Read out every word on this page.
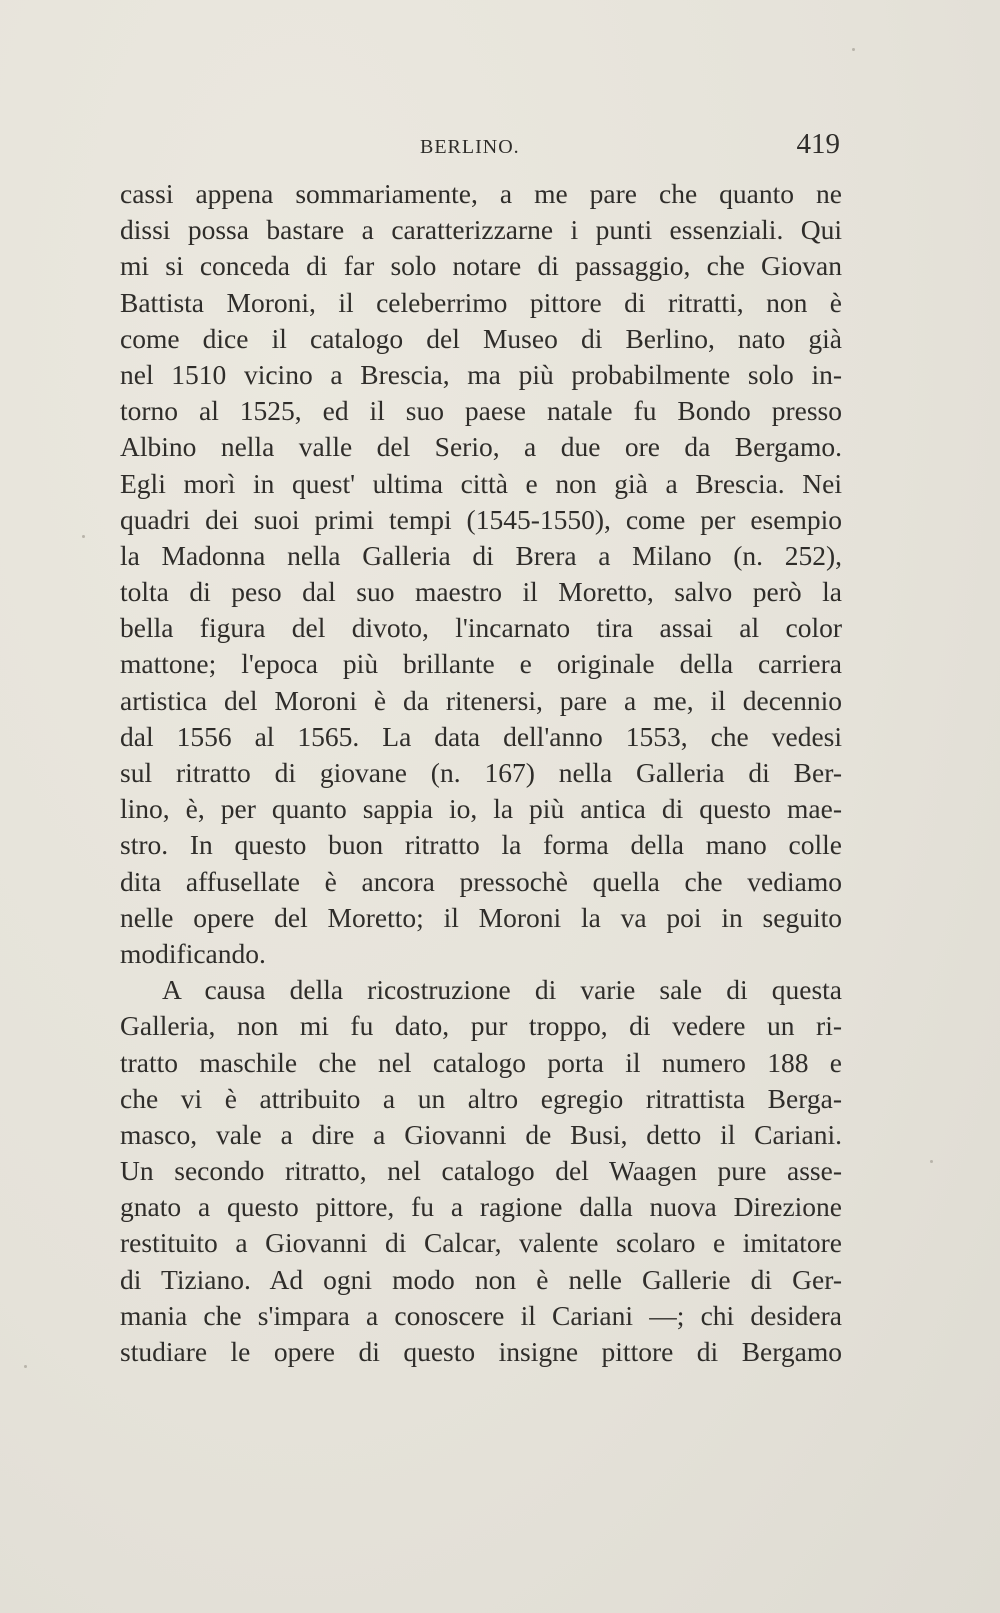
BERLINO.	419
cassi appena sommariamente, a me pare che quanto ne
dissi possa bastare a caratterizzarne i punti essenziali. Qui
mi si conceda di far solo notare di passaggio, che Giovan
Battista Moroni, il celeberrimo pittore di ritratti, non è
come dice il catalogo del Museo di Berlino, nato già
nel 1510 vicino a Brescia, ma più probabilmente solo in-
torno al 1525, ed il suo paese natale fu Bondo presso
Albino nella valle del Serio, a due ore da Bergamo.
Egli morì in quest' ultima città e non già a Brescia. Nei
quadri dei suoi primi tempi (1545-1550), come per esempio
la Madonna nella Galleria di Brera a Milano (n. 252),
tolta di peso dal suo maestro il Moretto, salvo però la
bella figura del divoto, l'incarnato tira assai al color
mattone; l'epoca più brillante e originale della carriera
artistica del Moroni è da ritenersi, pare a me, il decennio
dal 1556 al 1565. La data dell'anno 1553, che vedesi
sul ritratto di giovane (n. 167) nella Galleria di Ber-
lino, è, per quanto sappia io, la più antica di questo mae-
stro. In questo buon ritratto la forma della mano colle
dita affusellate è ancora pressochè quella che vediamo
nelle opere del Moretto; il Moroni la va poi in seguito
modificando.
A causa della ricostruzione di varie sale di questa
Galleria, non mi fu dato, pur troppo, di vedere un ri-
tratto maschile che nel catalogo porta il numero 188 e
che vi è attribuito a un altro egregio ritrattista Berga-
masco, vale a dire a Giovanni de Busi, detto il Cariani.
Un secondo ritratto, nel catalogo del Waagen pure asse-
gnato a questo pittore, fu a ragione dalla nuova Direzione
restituito a Giovanni di Calcar, valente scolaro e imitatore
di Tiziano. Ad ogni modo non è nelle Gallerie di Ger-
mania che s'impara a conoscere il Cariani —; chi desidera
studiare le opere di questo insigne pittore di Bergamo
